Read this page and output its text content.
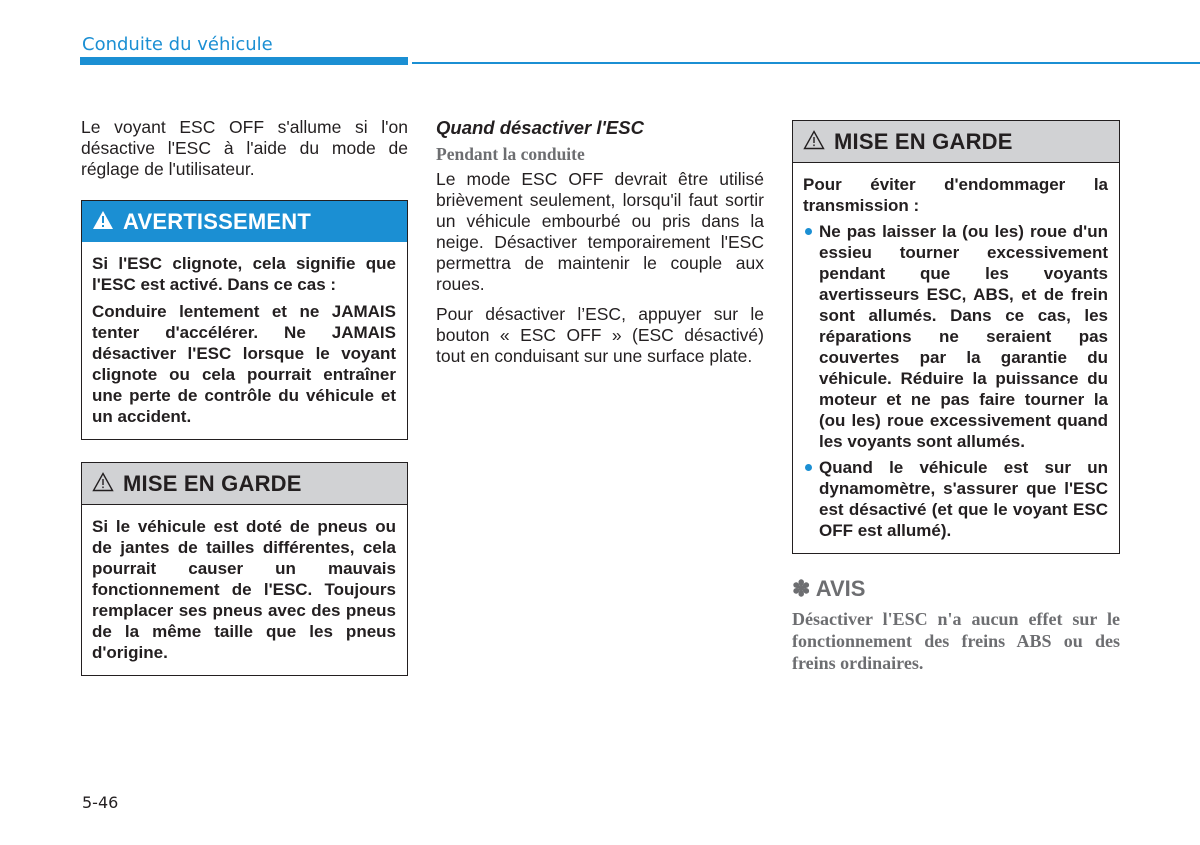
Conduite du véhicule

Le voyant ESC OFF s'allume si l'on désactive l'ESC à l'aide du mode de réglage de l'utilisateur.

AVERTISSEMENT

Si l'ESC clignote, cela signifie que l'ESC est activé. Dans ce cas :

Conduire lentement et ne JAMAIS tenter d'accélérer. Ne JAMAIS désactiver l'ESC lorsque le voyant clignote ou cela pourrait entraîner une perte de contrôle du véhicule et un accident.

MISE EN GARDE

Si le véhicule est doté de pneus ou de jantes de tailles différentes, cela pourrait causer un mauvais fonctionnement de l'ESC. Toujours remplacer ses pneus avec des pneus de la même taille que les pneus d'origine.

Quand désactiver l'ESC
Pendant la conduite

Le mode ESC OFF devrait être utilisé brièvement seulement, lorsqu'il faut sortir un véhicule embourbé ou pris dans la neige. Désactiver temporairement l'ESC permettra de maintenir le couple aux roues.

Pour désactiver l’ESC, appuyer sur le bouton « ESC OFF » (ESC désactivé) tout en conduisant sur une surface plate.

MISE EN GARDE

Pour éviter d'endommager la transmission :

Ne pas laisser la (ou les) roue d'un essieu tourner excessivement pendant que les voyants avertisseurs ESC, ABS, et de frein sont allumés. Dans ce cas, les réparations ne seraient pas couvertes par la garantie du véhicule. Réduire la puissance du moteur et ne pas faire tourner la (ou les) roue excessivement quand les voyants sont allumés.
Quand le véhicule est sur un dynamomètre, s'assurer que l'ESC est désactivé (et que le voyant ESC OFF est allumé).
✽ AVIS

Désactiver l'ESC n'a aucun effet sur le fonctionnement des freins ABS ou des freins ordinaires.

5-46
